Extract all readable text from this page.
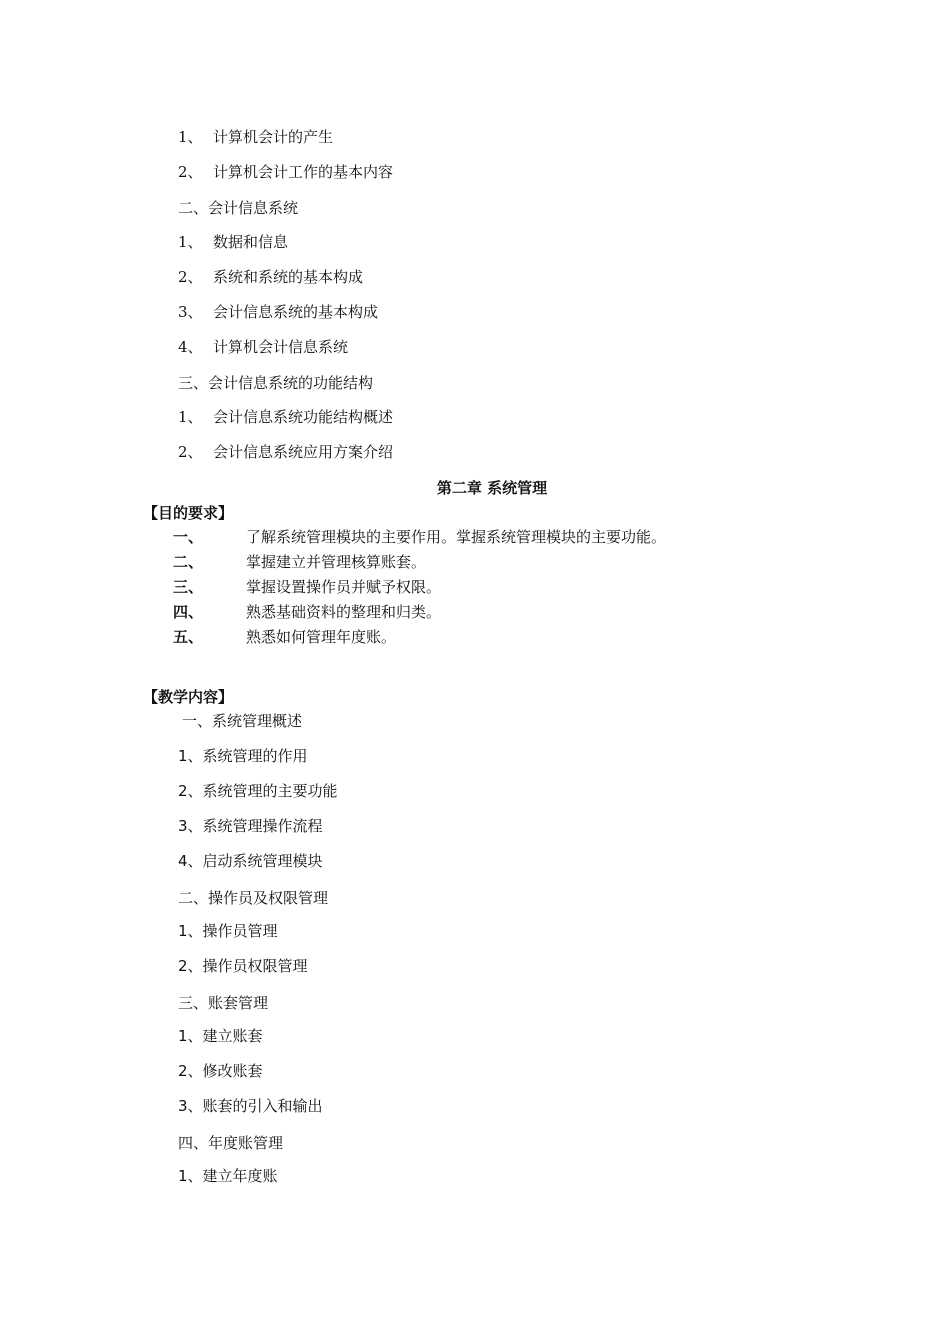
1、 计算机会计的产生
2、 计算机会计工作的基本内容
二、会计信息系统
1、 数据和信息
2、 系统和系统的基本构成
3、 会计信息系统的基本构成
4、 计算机会计信息系统
三、会计信息系统的功能结构
1、 会计信息系统功能结构概述
2、 会计信息系统应用方案介绍
第二章 系统管理
【目的要求】
一、	了解系统管理模块的主要作用。掌握系统管理模块的主要功能。
二、	掌握建立并管理核算账套。
三、	掌握设置操作员并赋予权限。
四、	熟悉基础资料的整理和归类。
五、	熟悉如何管理年度账。
【教学内容】
一、系统管理概述
1、系统管理的作用
2、系统管理的主要功能
3、系统管理操作流程
4、启动系统管理模块
二、操作员及权限管理
1、操作员管理
2、操作员权限管理
三、账套管理
1、建立账套
2、修改账套
3、账套的引入和输出
四、年度账管理
1、建立年度账
